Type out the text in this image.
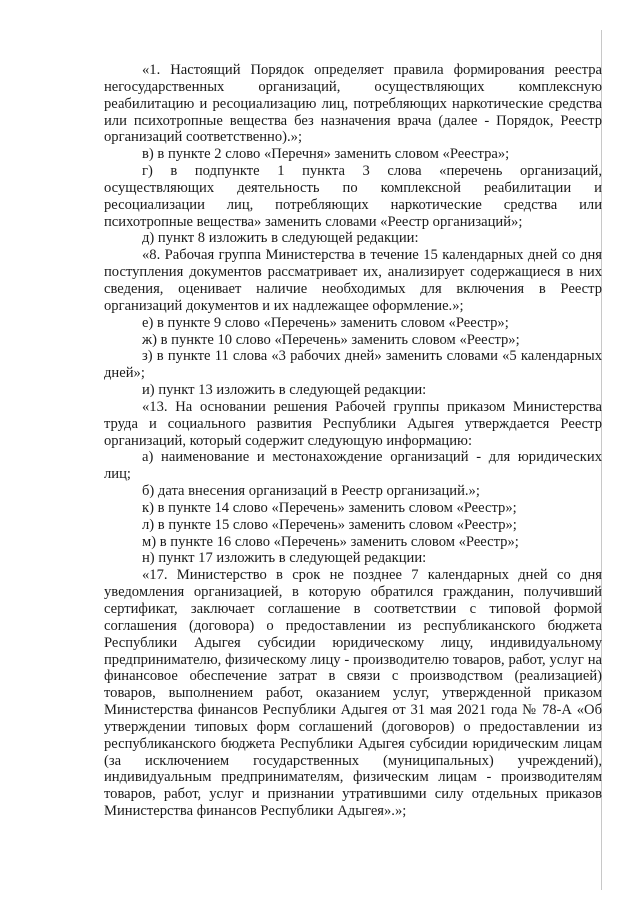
«1. Настоящий Порядок определяет правила формирования реестра негосударственных организаций, осуществляющих комплексную реабилитацию и ресоциализацию лиц, потребляющих наркотические средства или психотропные вещества без назначения врача (далее - Порядок, Реестр организаций соответственно).»;

в) в пункте 2 слово «Перечня» заменить словом «Реестра»;

г) в подпункте 1 пункта 3 слова «перечень организаций, осуществляющих деятельность по комплексной реабилитации и ресоциализации лиц, потребляющих наркотические средства или психотропные вещества» заменить словами «Реестр организаций»;

д) пункт 8 изложить в следующей редакции:

«8. Рабочая группа Министерства в течение 15 календарных дней со дня поступления документов рассматривает их, анализирует содержащиеся в них сведения, оценивает наличие необходимых для включения в Реестр организаций документов и их надлежащее оформление.»;

е) в пункте 9 слово «Перечень» заменить словом «Реестр»;

ж) в пункте 10 слово «Перечень» заменить словом «Реестр»;

з) в пункте 11 слова «3 рабочих дней» заменить словами «5 календарных дней»;

и) пункт 13 изложить в следующей редакции:

«13. На основании решения Рабочей группы приказом Министерства труда и социального развития Республики Адыгея утверждается Реестр организаций, который содержит следующую информацию:

а) наименование и местонахождение организаций - для юридических лиц;

б) дата внесения организаций в Реестр организаций.»;

к) в пункте 14 слово «Перечень» заменить словом «Реестр»;

л) в пункте 15 слово «Перечень» заменить словом «Реестр»;

м) в пункте 16 слово «Перечень» заменить словом «Реестр»;

н) пункт 17 изложить в следующей редакции:

«17. Министерство в срок не позднее 7 календарных дней со дня уведомления организацией, в которую обратился гражданин, получивший сертификат, заключает соглашение в соответствии с типовой формой соглашения (договора) о предоставлении из республиканского бюджета Республики Адыгея субсидии юридическому лицу, индивидуальному предпринимателю, физическому лицу - производителю товаров, работ, услуг на финансовое обеспечение затрат в связи с производством (реализацией) товаров, выполнением работ, оказанием услуг, утвержденной приказом Министерства финансов Республики Адыгея от 31 мая 2021 года № 78-А «Об утверждении типовых форм соглашений (договоров) о предоставлении из республиканского бюджета Республики Адыгея субсидии юридическим лицам (за исключением государственных (муниципальных) учреждений), индивидуальным предпринимателям, физическим лицам - производителям товаров, работ, услуг и признании утратившими силу отдельных приказов Министерства финансов Республики Адыгея».»;
